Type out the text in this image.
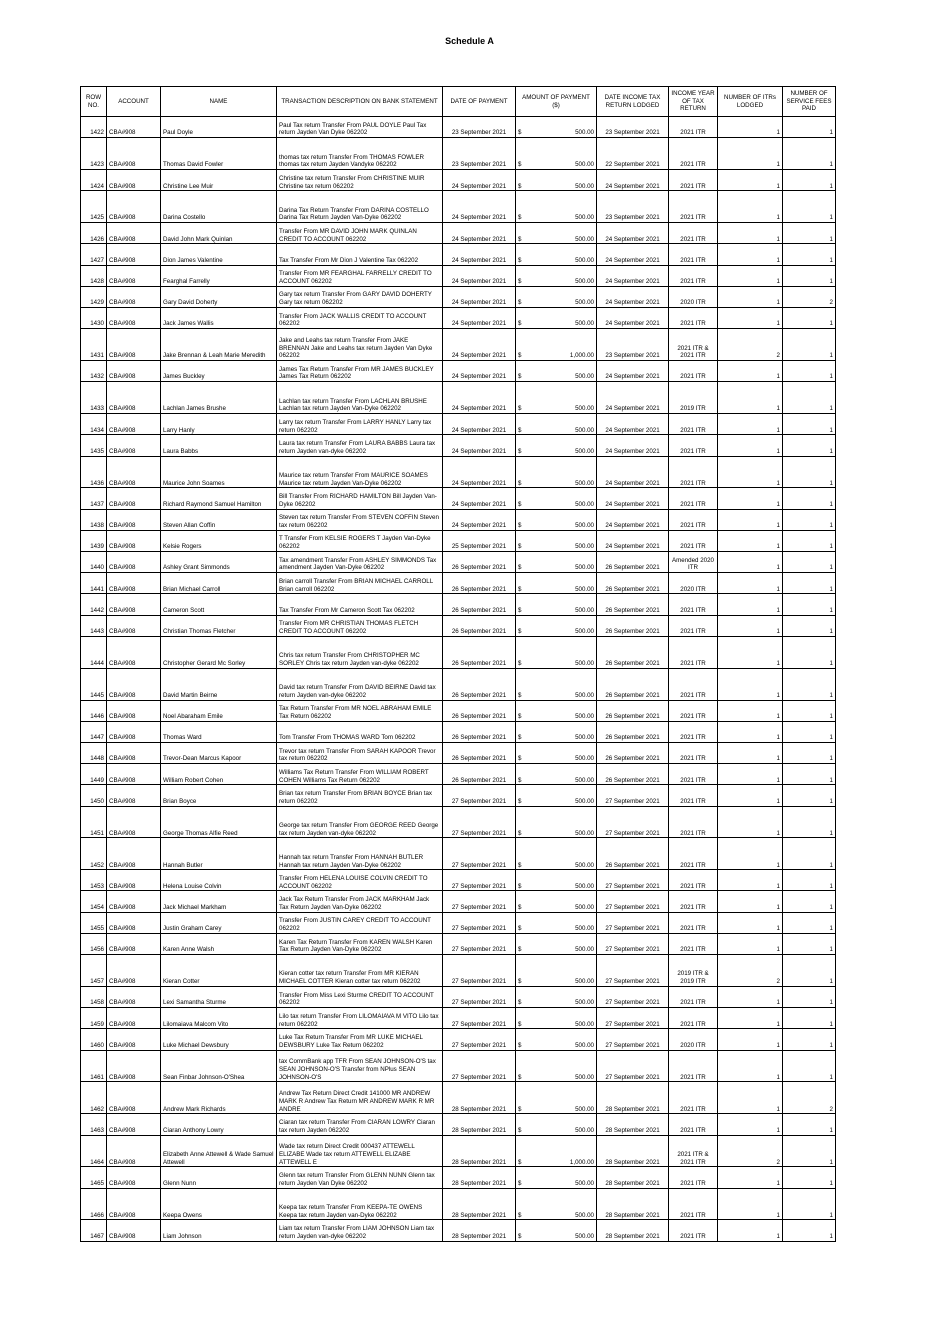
Schedule A
ROW NO.	ACCOUNT	NAME	TRANSACTION DESCRIPTION ON BANK STATEMENT	DATE OF PAYMENT	AMOUNT OF PAYMENT ($)	DATE INCOME TAX RETURN LODGED	INCOME YEAR OF TAX RETURN	NUMBER OF ITRs LODGED	NUMBER OF SERVICE FEES PAID
1422	CBA#908	Paul Doyle	Paul Tax return Transfer From PAUL DOYLE Paul Tax return Jayden Van Dyke 062202	23 September 2021	$ 500.00	23 September 2021	2021 ITR	1	1
1423	CBA#908	Thomas David Fowler	thomas tax return Transfer From THOMAS FOWLER thomas tax return Jayden Vandyke 062202	23 September 2021	$ 500.00	22 September 2021	2021 ITR	1	1
1424	CBA#908	Christine Lee Muir	Christine tax return Transfer From CHRISTINE MUIR Christine tax return 062202	24 September 2021	$ 500.00	24 September 2021	2021 ITR	1	1
1425	CBA#908	Darina Costello	Darina Tax Return Transfer From DARINA COSTELLO Darina Tax Return Jayden Van-Dyke 062202	24 September 2021	$ 500.00	23 September 2021	2021 ITR	1	1
1426	CBA#908	David John Mark Quinlan	Transfer From MR DAVID JOHN MARK QUINLAN CREDIT TO ACCOUNT 062202	24 September 2021	$ 500.00	24 September 2021	2021 ITR	1	1
1427	CBA#908	Dion James Valentine	Tax Transfer From Mr Dion J Valentine Tax 062202	24 September 2021	$ 500.00	24 September 2021	2021 ITR	1	1
1428	CBA#908	Fearghal Farrelly	Transfer From MR FEARGHAL FARRELLY CREDIT TO ACCOUNT 062202	24 September 2021	$ 500.00	24 September 2021	2021 ITR	1	1
1429	CBA#908	Gary David Doherty	Gary tax return Transfer From GARY DAVID DOHERTY Gary tax return 062202	24 September 2021	$ 500.00	24 September 2021	2020 ITR	1	2
1430	CBA#908	Jack James Wallis	Transfer From JACK WALLIS CREDIT TO ACCOUNT 062202	24 September 2021	$ 500.00	24 September 2021	2021 ITR	1	1
1431	CBA#908	Jake Brennan & Leah Marie Meredith	Jake and Leahs tax return Transfer From JAKE BRENNAN Jake and Leahs tax return Jayden Van Dyke 062202	24 September 2021	$ 1,000.00	23 September 2021	2021 ITR & 2021 ITR	2	1
1432	CBA#908	James Buckley	James Tax Return Transfer From MR JAMES BUCKLEY James Tax Return 062202	24 September 2021	$ 500.00	24 September 2021	2021 ITR	1	1
1433	CBA#908	Lachlan James Brushe	Lachlan tax return Transfer From LACHLAN BRUSHE Lachlan tax return Jayden Van-Dyke 062202	24 September 2021	$ 500.00	24 September 2021	2019 ITR	1	1
1434	CBA#908	Larry Hanly	Larry tax return Transfer From LARRY HANLY Larry tax return 062202	24 September 2021	$ 500.00	24 September 2021	2021 ITR	1	1
1435	CBA#908	Laura Babbs	Laura tax return Transfer From LAURA BABBS Laura tax return Jayden van-dyke 062202	24 September 2021	$ 500.00	24 September 2021	2021 ITR	1	1
1436	CBA#908	Maurice John Soames	Maurice tax return Transfer From MAURICE SOAMES Maurice tax return Jayden Van-Dyke 062202	24 September 2021	$ 500.00	24 September 2021	2021 ITR	1	1
1437	CBA#908	Richard Raymond Samuel Hamilton	Bill Transfer From RICHARD HAMILTON Bill Jayden Van-Dyke 062202	24 September 2021	$ 500.00	24 September 2021	2021 ITR	1	1
1438	CBA#908	Steven Allan Coffin	Steven tax return Transfer From STEVEN COFFIN Steven tax return 062202	24 September 2021	$ 500.00	24 September 2021	2021 ITR	1	1
1439	CBA#908	Kelsie Rogers	T Transfer From KELSIE ROGERS T Jayden Van-Dyke 062202	25 September 2021	$ 500.00	24 September 2021	2021 ITR	1	1
1440	CBA#908	Ashley Grant Simmonds	Tax amendment Transfer From ASHLEY SIMMONDS Tax amendment Jayden Van-Dyke 062202	26 September 2021	$ 500.00	26 September 2021	Amended 2020 ITR	1	1
1441	CBA#908	Brian Michael Carroll	Brian carroll Transfer From BRIAN MICHAEL CARROLL Brian carroll 062202	26 September 2021	$ 500.00	26 September 2021	2020 ITR	1	1
1442	CBA#908	Cameron Scott	Tax Transfer From Mr Cameron Scott Tax 062202	26 September 2021	$ 500.00	26 September 2021	2021 ITR	1	1
1443	CBA#908	Christian Thomas Fletcher	Transfer From MR CHRISTIAN THOMAS FLETCH CREDIT TO ACCOUNT 062202	26 September 2021	$ 500.00	26 September 2021	2021 ITR	1	1
1444	CBA#908	Christopher Gerard Mc Sorley	Chris tax return Transfer From CHRISTOPHER MC SORLEY Chris tax return Jayden van-dyke 062202	26 September 2021	$ 500.00	26 September 2021	2021 ITR	1	1
1445	CBA#908	David Martin Beirne	David tax return Transfer From DAVID BEIRNE David tax return Jayden van-dyke 062202	26 September 2021	$ 500.00	26 September 2021	2021 ITR	1	1
1446	CBA#908	Noel Abaraham Emile	Tax Return Transfer From MR NOEL ABRAHAM EMILE Tax Return 062202	26 September 2021	$ 500.00	26 September 2021	2021 ITR	1	1
1447	CBA#908	Thomas Ward	Tom Transfer From THOMAS WARD Tom 062202	26 September 2021	$ 500.00	26 September 2021	2021 ITR	1	1
1448	CBA#908	Trevor-Dean Marcus Kapoor	Trevor tax return Transfer From SARAH KAPOOR Trevor tax return 062202	26 September 2021	$ 500.00	26 September 2021	2021 ITR	1	1
1449	CBA#908	William Robert Cohen	Williams Tax Return Transfer From WILLIAM ROBERT COHEN Williams Tax Return 062202	26 September 2021	$ 500.00	26 September 2021	2021 ITR	1	1
1450	CBA#908	Brian Boyce	Brian tax return Transfer From BRIAN BOYCE Brian tax return 062202	27 September 2021	$ 500.00	27 September 2021	2021 ITR	1	1
1451	CBA#908	George Thomas Alfie Reed	George tax return Transfer From GEORGE REED George tax return Jayden van-dyke 062202	27 September 2021	$ 500.00	27 September 2021	2021 ITR	1	1
1452	CBA#908	Hannah Butler	Hannah tax return Transfer From HANNAH BUTLER Hannah tax return Jayden Van-Dyke 062202	27 September 2021	$ 500.00	26 September 2021	2021 ITR	1	1
1453	CBA#908	Helena Louise Colvin	Transfer From HELENA LOUISE COLVIN CREDIT TO ACCOUNT 062202	27 September 2021	$ 500.00	27 September 2021	2021 ITR	1	1
1454	CBA#908	Jack Michael Markham	Jack Tax Return Transfer From JACK MARKHAM Jack Tax Return Jayden Van-Dyke 062202	27 September 2021	$ 500.00	27 September 2021	2021 ITR	1	1
1455	CBA#908	Justin Graham Carey	Transfer From JUSTIN CAREY CREDIT TO ACCOUNT 062202	27 September 2021	$ 500.00	27 September 2021	2021 ITR	1	1
1456	CBA#908	Karen Anne Walsh	Karen Tax Return Transfer From KAREN WALSH Karen Tax Return Jayden Van-Dyke 062202	27 September 2021	$ 500.00	27 September 2021	2021 ITR	1	1
1457	CBA#908	Kieran Cotter	Kieran cotter tax return Transfer From MR KIERAN MICHAEL COTTER Kieran cotter tax return 062202	27 September 2021	$ 500.00	27 September 2021	2019 ITR & 2019 ITR	2	1
1458	CBA#908	Lexi Samantha Sturme	Transfer From Miss Lexi Sturme CREDIT TO ACCOUNT 062202	27 September 2021	$ 500.00	27 September 2021	2021 ITR	1	1
1459	CBA#908	Lilomaiava Malcom Vito	Lilo tax return Transfer From LILOMAIAVA M VITO Lilo tax return 062202	27 September 2021	$ 500.00	27 September 2021	2021 ITR	1	1
1460	CBA#908	Luke Michael Dewsbury	Luke Tax Return Transfer From MR LUKE MICHAEL DEWSBURY Luke Tax Return 062202	27 September 2021	$ 500.00	27 September 2021	2020 ITR	1	1
1461	CBA#908	Sean Finbar Johnson-O'Shea	tax CommBank app TFR From SEAN JOHNSON-O'S tax SEAN JOHNSON-O'S Transfer from NPlus SEAN JOHNSON-O'S	27 September 2021	$ 500.00	27 September 2021	2021 ITR	1	1
1462	CBA#908	Andrew Mark Richards	Andrew Tax Return Direct Credit 141000 MR ANDREW MARK R Andrew Tax Return MR ANDREW MARK R MR ANDRE	28 September 2021	$ 500.00	28 September 2021	2021 ITR	1	2
1463	CBA#908	Ciaran Anthony Lowry	Ciaran tax return Transfer From CIARAN LOWRY Ciaran tax return Jayden 062202	28 September 2021	$ 500.00	28 September 2021	2021 ITR	1	1
1464	CBA#908	Elizabeth Anne Attewell & Wade Samuel Attewell	Wade tax return Direct Credit 000437 ATTEWELL ELIZABE Wade tax return ATTEWELL ELIZABE ATTEWELL E	28 September 2021	$ 1,000.00	28 September 2021	2021 ITR & 2021 ITR	2	1
1465	CBA#908	Glenn Nunn	Glenn tax return Transfer From GLENN NUNN Glenn tax return Jayden Van Dyke 062202	28 September 2021	$ 500.00	28 September 2021	2021 ITR	1	1
1466	CBA#908	Keepa Owens	Keepa tax return Transfer From KEEPA-TE OWENS Keepa tax return Jayden van-Dyke 062202	28 September 2021	$ 500.00	28 September 2021	2021 ITR	1	1
1467	CBA#908	Liam Johnson	Liam tax return Transfer From LIAM JOHNSON Liam tax return Jayden van-dyke 062202	28 September 2021	$ 500.00	28 September 2021	2021 ITR	1	1
